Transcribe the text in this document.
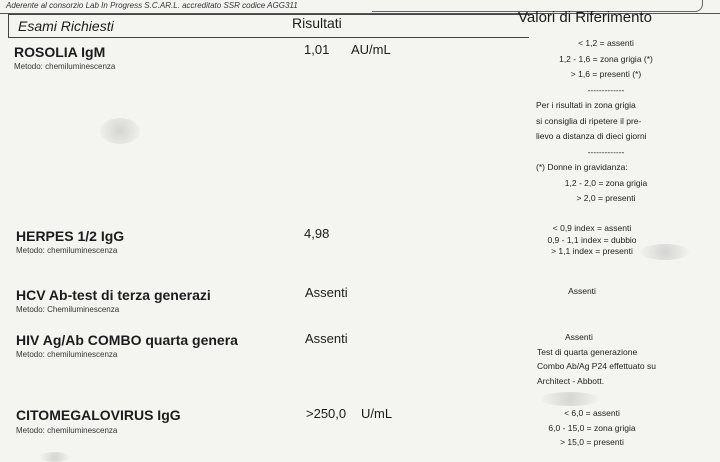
Aderente al consorzio Lab In Progress S.C.AR.L. accreditato SSR codice AGG311
Esami Richiesti	Risultati	Valori di Riferimento
ROSOLIA IgM
Metodo: chemiluminescenza
1,01 AU/mL	< 1,2 = assenti
1,2 - 1,6 = zona grigia (*)
> 1,6 = presenti (*)
-------------
Per i risultati in zona grigia
si consiglia di ripetere il pre-
lievo a distanza di dieci giorni
-------------
(*) Donne in gravidanza:
1,2 - 2,0 = zona grigia
> 2,0 = presenti
HERPES 1/2 IgG
Metodo: chemiluminescenza
4,98	< 0,9 index = assenti
0,9 - 1,1 index = dubbio
> 1,1 index = presenti
HCV Ab-test di terza generazi
Metodo: Chemiluminescenza
Assenti	Assenti
HIV Ag/Ab COMBO quarta genera
Metodo: chemiluminescenza
Assenti	Assenti
Test di quarta generazione
Combo Ab/Ag P24 effettuato su
Architect - Abbott.
CITOMEGALOVIRUS IgG
Metodo: chemiluminescenza
>250,0 U/mL	< 6,0 = assenti
6,0 - 15,0 = zona grigia
> 15,0 = presenti
